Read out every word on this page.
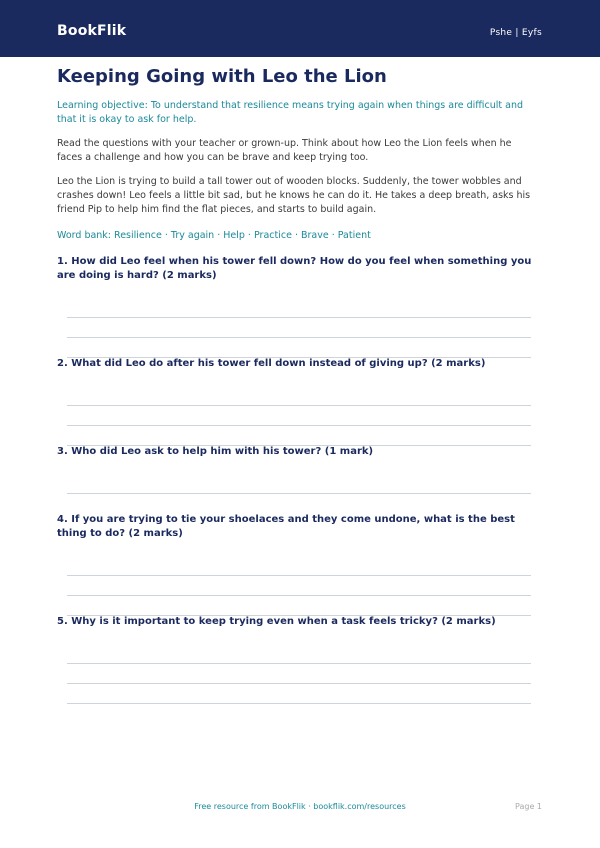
BookFlik	Pshe | Eyfs
Keeping Going with Leo the Lion

Learning objective: To understand that resilience means trying again when things are difficult and that it is okay to ask for help.

Read the questions with your teacher or grown-up. Think about how Leo the Lion feels when he faces a challenge and how you can be brave and keep trying too.

Leo the Lion is trying to build a tall tower out of wooden blocks. Suddenly, the tower wobbles and crashes down! Leo feels a little bit sad, but he knows he can do it. He takes a deep breath, asks his friend Pip to help him find the flat pieces, and starts to build again.

Word bank: Resilience · Try again · Help · Practice · Brave · Patient

1. How did Leo feel when his tower fell down? How do you feel when something you are doing is hard? (2 marks)
2. What did Leo do after his tower fell down instead of giving up? (2 marks)
3. Who did Leo ask to help him with his tower? (1 mark)
4. If you are trying to tie your shoelaces and they come undone, what is the best thing to do? (2 marks)
5. Why is it important to keep trying even when a task feels tricky? (2 marks)
Free resource from BookFlik · bookflik.com/resources	Page 1
